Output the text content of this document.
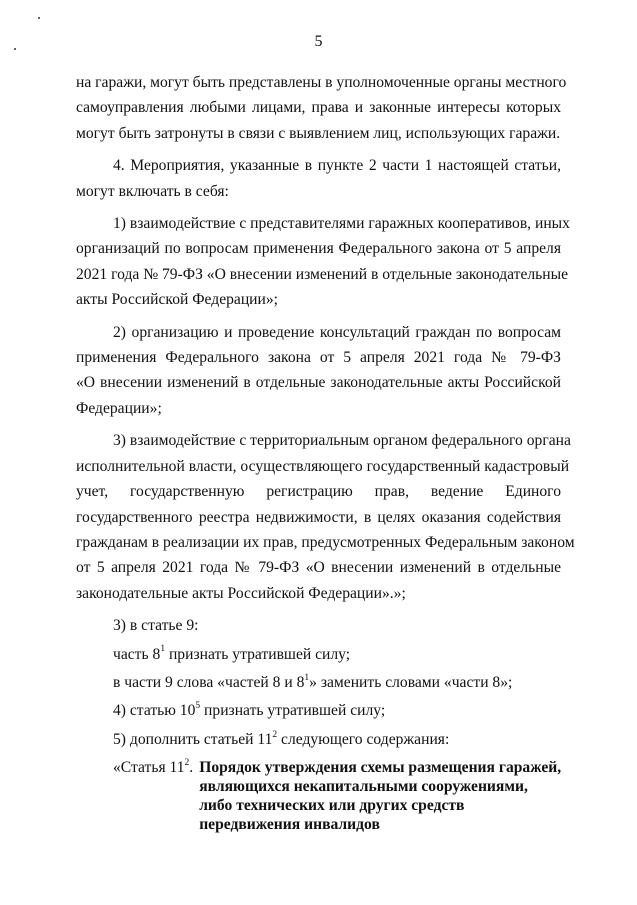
5
на гаражи, могут быть представлены в уполномоченные органы местного
самоуправления любыми лицами, права и законные интересы которых
могут быть затронуты в связи с выявлением лиц, использующих гаражи.
4. Мероприятия, указанные в пункте 2 части 1 настоящей статьи,
могут включать в себя:
1) взаимодействие с представителями гаражных кооперативов, иных
организаций по вопросам применения Федерального закона от 5 апреля
2021 года № 79-ФЗ «О внесении изменений в отдельные законодательные
акты Российской Федерации»;
2) организацию и проведение консультаций граждан по вопросам
применения Федерального закона от 5 апреля 2021 года № 79-ФЗ
«О внесении изменений в отдельные законодательные акты Российской
Федерации»;
3) взаимодействие с территориальным органом федерального органа
исполнительной власти, осуществляющего государственный кадастровый
учет, государственную регистрацию прав, ведение Единого
государственного реестра недвижимости, в целях оказания содействия
гражданам в реализации их прав, предусмотренных Федеральным законом
от 5 апреля 2021 года № 79-ФЗ «О внесении изменений в отдельные
законодательные акты Российской Федерации».»;
3) в статье 9:
часть $8^1$ признать утратившей силу;
в части 9 слова «частей 8 и $8^1$» заменить словами «части 8»;
4) статью $10^5$ признать утратившей силу;
5) дополнить статьей $11^2$ следующего содержания:
«Статья $11^2$. Порядок утверждения схемы размещения гаражей,
являющихся некапитальными сооружениями,
либо технических или других средств
передвижения инвалидов
